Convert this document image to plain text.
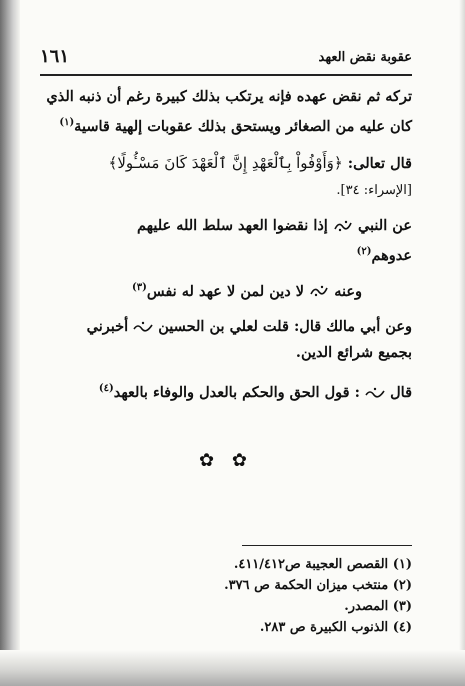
عقوبة نقض العهد
١٦١

تركه ثم نقض عهده فإنه يرتكب بذلك كبيرة رغم أن ذنبه الذي
كان عليه من الصغائر ويستحق بذلك عقوبات إلهية قاسية$^{(١)}$

قال تعالى: ﴿وَأَوْفُواْ بِٱلْعَهْدِ إِنَّ ٱلْعَهْدَ كَانَ مَسْـُٔولًا﴾
[الإسراء: ٣٤].

عن النبي
إذا نقضوا العهد سلط الله عليهم
عدوهم$^{(٢)}$

وعنه
لا دين لمن لا عهد له نفس$^{(٣)}$

وعن أبي مالك قال: قلت لعلي بن الحسين
أخبرني
بجميع شرائع الدين.

قال
: قول الحق والحكم بالعدل والوفاء بالعهد$^{(٤)}$

✿ ✿
(١) القصص العجيبة ص٤١١/٤١٢.
(٢) منتخب ميزان الحكمة ص ٣٧٦.
(٣) المصدر.
(٤) الذنوب الكبيرة ص ٢٨٣.
